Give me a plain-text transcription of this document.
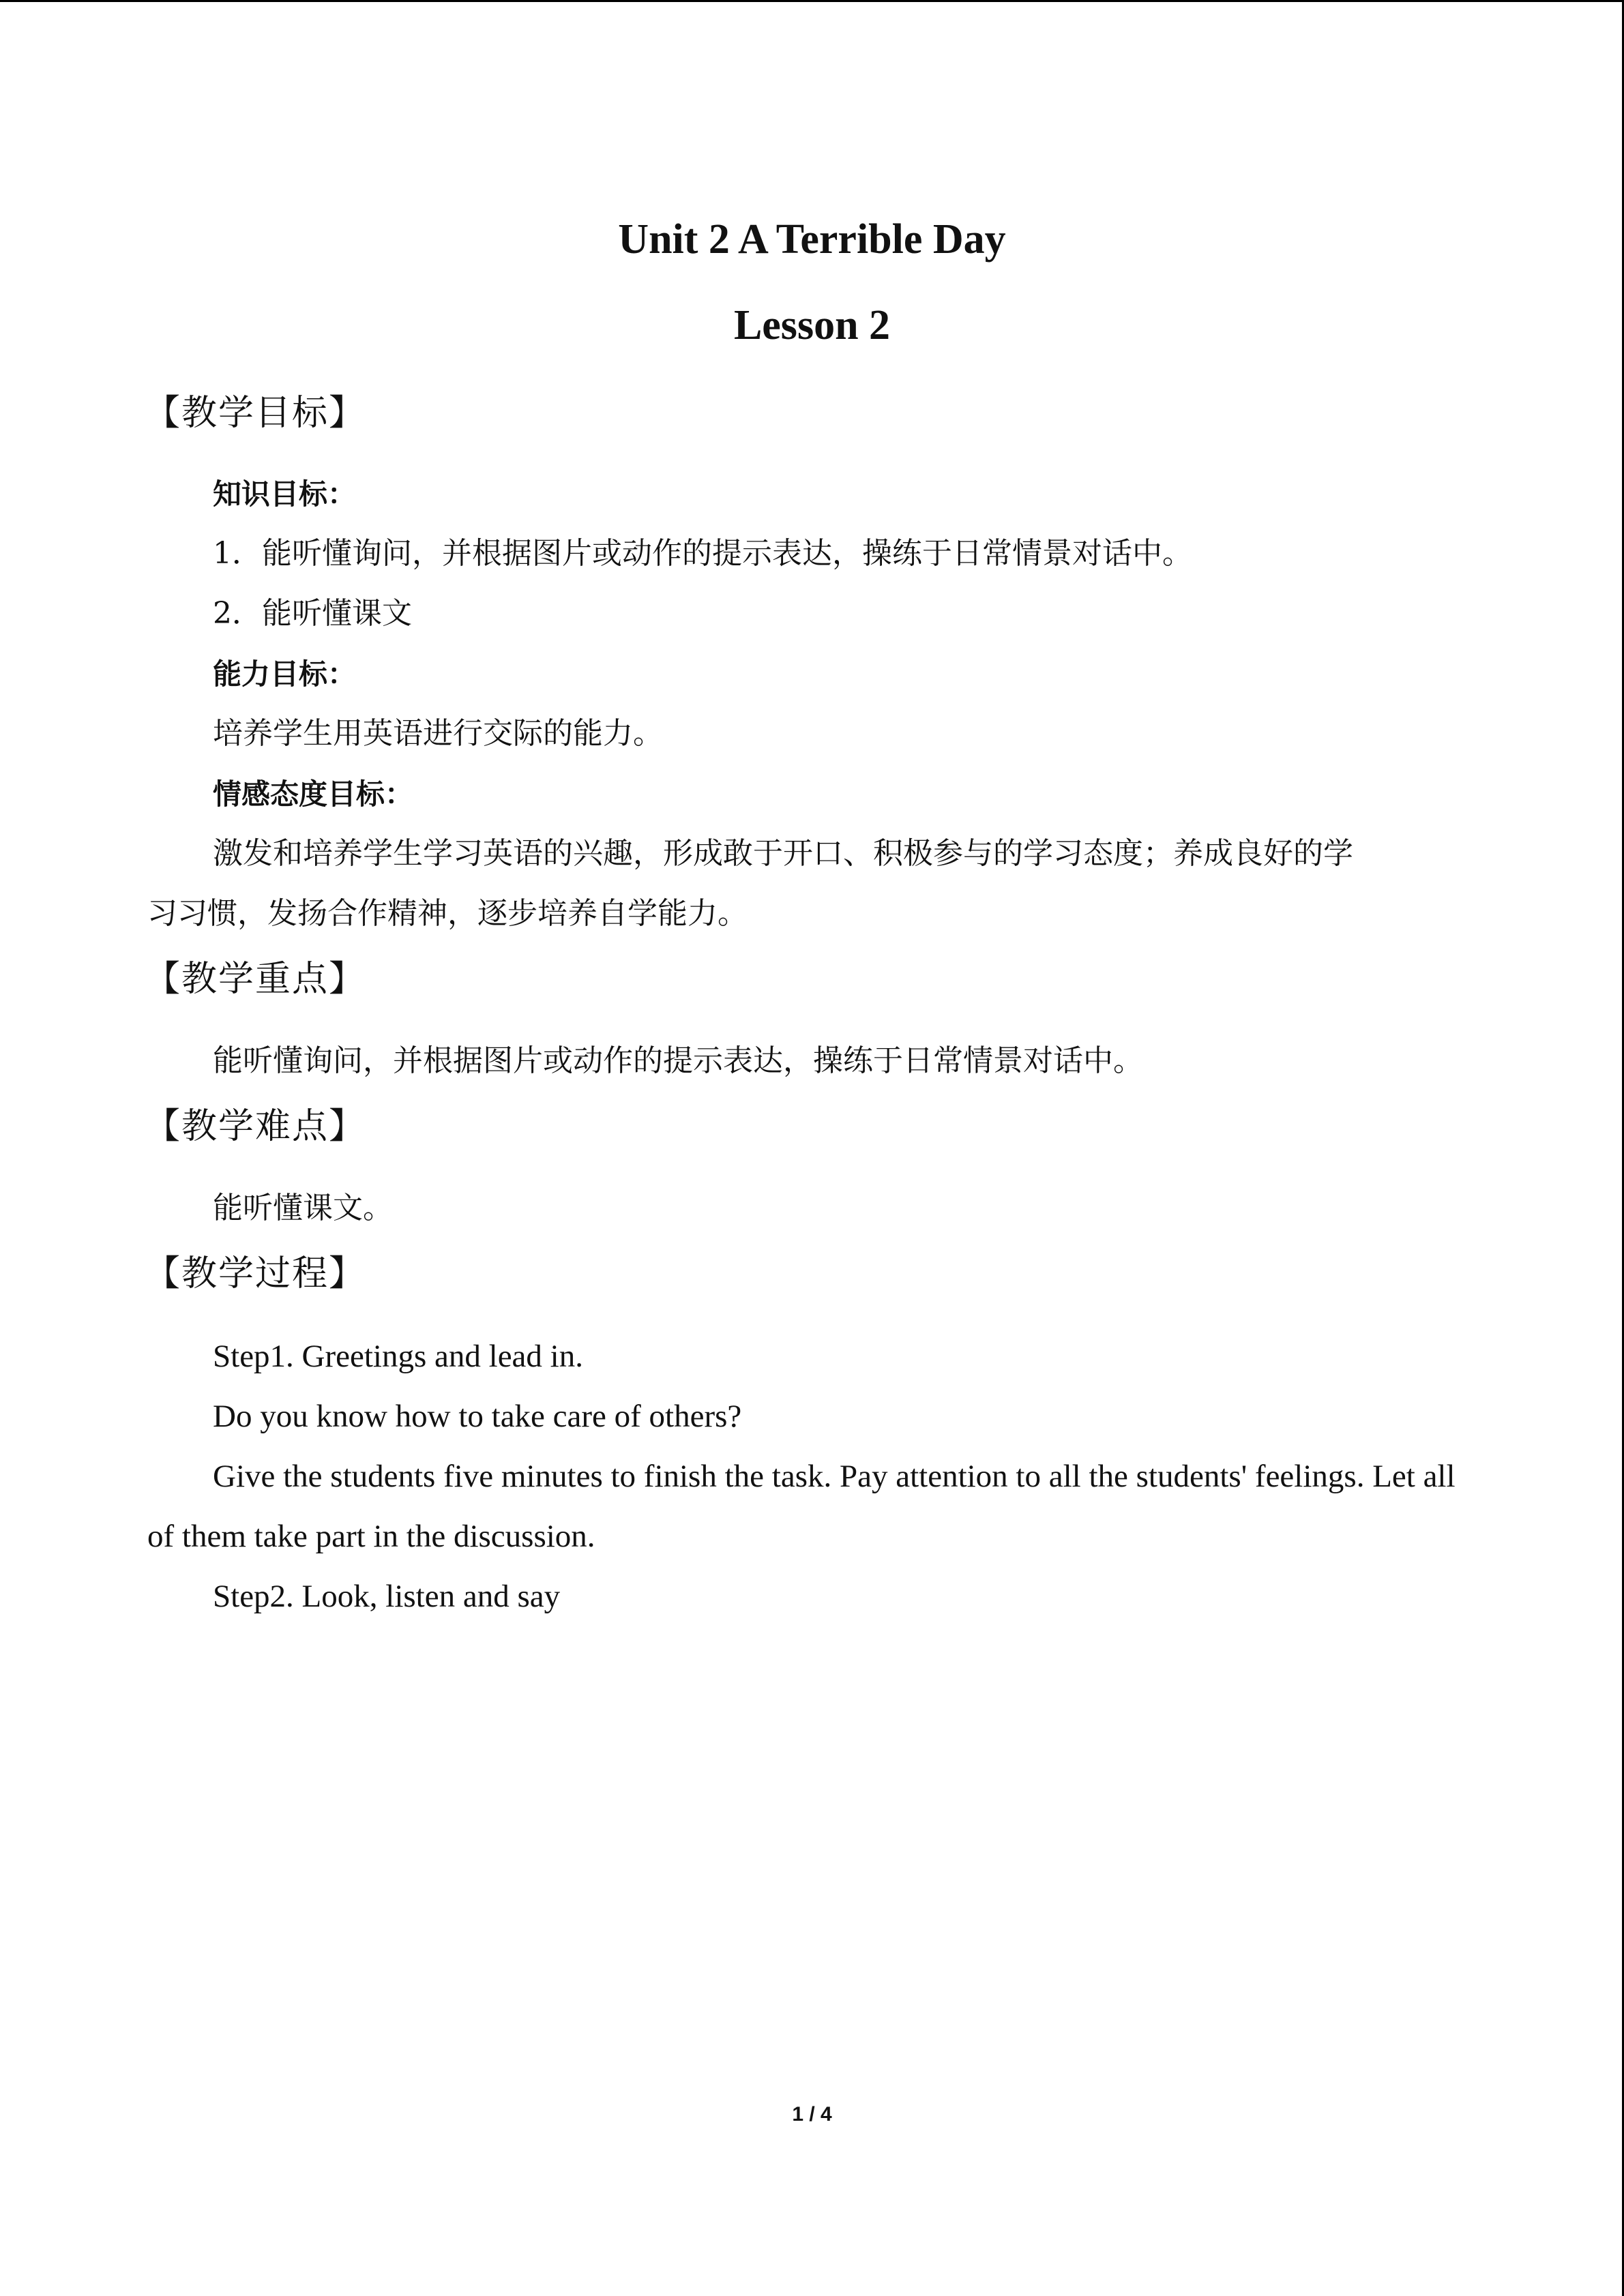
Unit 2 A Terrible Day
Lesson 2
【教学目标】
知识目标：
1．能听懂询问，并根据图片或动作的提示表达，操练于日常情景对话中。
2．能听懂课文
能力目标：
培养学生用英语进行交际的能力。
情感态度目标：
激发和培养学生学习英语的兴趣，形成敢于开口、积极参与的学习态度；养成良好的学
习习惯，发扬合作精神，逐步培养自学能力。
【教学重点】
能听懂询问，并根据图片或动作的提示表达，操练于日常情景对话中。
【教学难点】
能听懂课文。
【教学过程】
Step1. Greetings and lead in.
Do you know how to take care of others?
Give the students five minutes to finish the task. Pay attention to all the students' feelings. Let all
of them take part in the discussion.
Step2. Look, listen and say
1 / 4
